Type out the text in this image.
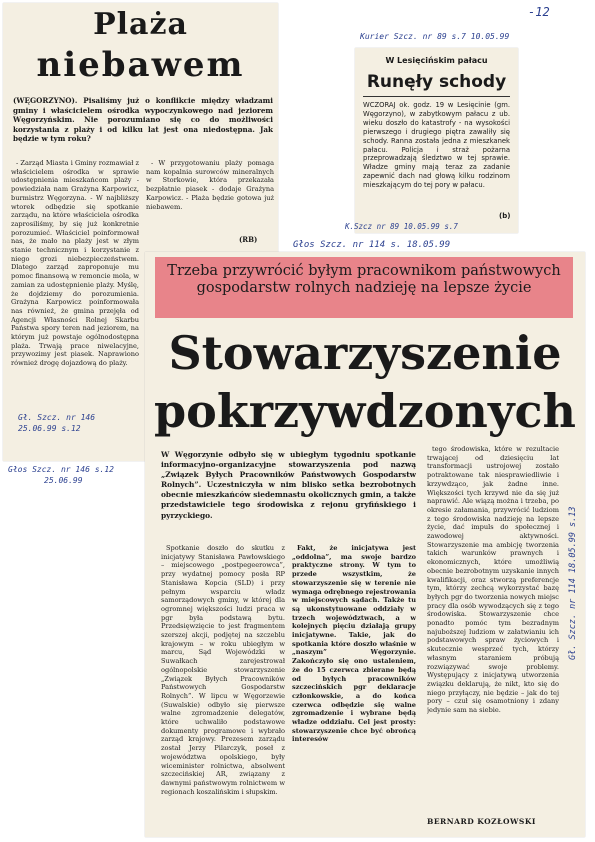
-12
Plaża
niebawem
(WĘGORZYNO). Pisaliśmy już o konflikcie między władzami gminy i właścicielem ośrodka wypoczynkowego nad jeziorem Węgorzyńskim. Nie porozumiano się co do możliwości korzystania z plaży i od kilku lat jest ona niedostępna. Jak będzie w tym roku?

- Zarząd Miasta i Gminy rozmawiał z właścicielem ośrodka w sprawie udostępnienia mieszkańcom plaży - powiedziała nam Grażyna Karpowicz, burmistrz Węgorzyna. - W najbliższy wtorek odbędzie się spotkanie zarządu, na które właściciela ośrodka zaprosiliśmy, by się już konkretnie porozumieć. Właściciel poinformował nas, że mało na plaży jest w złym stanie technicznym i korzystanie z niego grozi niebezpieczeństwem. Dlatego zarząd zaproponuje mu pomoc finansową w remoncie mola, w zamian za udostępnienie plaży. Myślę, że dojdziemy do porozumienia. Grażyna Karpowicz poinformowała nas również, że gmina przejęła od Agencji Własności Rolnej Skarbu Państwa spory teren nad jeziorem, na którym już powstaje ogólnodostępna plaża. Trwają prace niwelacyjne, przywozimy jest piasek. Naprawiono również drogę dojazdową do plaży.

- W przygotowaniu plaży pomaga nam kopalnia surowców mineralnych w Storkowie, która przekazała bezpłatnie piasek - dodaje Grażyna Karpowicz. - Plaża będzie gotowa już niebawem.

(RB)
Gł. Szcz. nr 146
25.06.99 s.12
Głos Szcz. nr 146 s.12
25.06.99
Kurier Szcz. nr 89 s.7 10.05.99
W Lesięcińskim pałacu
Runęły schody
WCZORAJ ok. godz. 19 w Lesięcinie (gm. Węgorzyno), w zabytkowym pałacu z ub. wieku doszło do katastrofy - na wysokości pierwszego i drugiego piętra zawaliły się schody. Ranna została jedna z mieszkanek pałacu. Policja i straż pożarna przeprowadzają śledztwo w tej sprawie. Władze gminy mają teraz za zadanie zapewnić dach nad głową kilku rodzinom mieszkającym do tej pory w pałacu.
(b)
K.Szcz nr 89 10.05.99 s.7
Głos Szcz. nr 114 s. 18.05.99
Trzeba przywrócić byłym pracownikom państwowych gospodarstw rolnych nadzieję na lepsze życie
Stowarzyszenie
pokrzywdzonych
W Węgorzynie odbyło się w ubiegłym tygodniu spotkanie informacyjno-organizacyjne stowarzyszenia pod nazwą „Związek Byłych Pracowników Państwowych Gospodarstw Rolnych”. Uczestniczyła w nim blisko setka bezrobotnych obecnie mieszkańców siedemnastu okolicznych gmin, a także przedstawiciele tego środowiska z rejonu gryfińskiego i pyrzyckiego.

Spotkanie doszło do skutku z inicjatywy Stanisława Pawłowskiego – miejscowego „postpegeerowca”, przy wydatnej pomocy posła RP Stanisława Kopcia (SLD) i przy pełnym wsparciu władz samorządowych gminy, w której dla ogromnej większości ludzi praca w pgr była podstawą bytu. Przedsięwzięcie to jest fragmentem szerszej akcji, podjętej na szczeblu krajowym – w roku ubiegłym w marcu, Sąd Wojewódzki w Suwałkach zarejestrował ogólnopolskie stowarzyszenie „Związek Byłych Pracowników Państwowych Gospodarstw Rolnych”. W lipcu w Węgorzewie (Suwalskie) odbyło się pierwsze walne zgromadzenie delegatów, które uchwaliło podstawowe dokumenty programowe i wybrało zarząd krajowy. Prezesem zarządu został Jerzy Pilarczyk, poseł z województwa opolskiego, były wiceminister rolnictwa, absolwent szczecińskiej AR, związany z dawnymi państwowym rolnictwem w regionach koszalińskim i słupskim.

Fakt, że inicjatywa jest „oddolna”, ma swoje bardzo praktyczne strony. W tym to przede wszystkim, że stowarzyszenie się w terenie nie wymaga odrębnego rejestrowania w miejscowych sądach. Także tu są ukonstytuowane oddziały w trzech województwach, a w kolejnych pięciu działają grupy inicjatywne. Takie, jak do spotkania które doszło właśnie w „naszym” Węgorzynie. Zakończyło się ono ustaleniem, że do 15 czerwca zbierane będą od byłych pracowników szczecińskich pgr deklaracje członkowskie, a do końca czerwca odbędzie się walne zgromadzenie i wybrane będą władze oddziału. Cel jest prosty: stowarzyszenie chce być obrońcą interesów

tego środowiska, które w rezultacie trwającej od dziesięciu lat transformacji ustrojowej zostało potraktowane tak niesprawiedliwie i krzywdząco, jak żadne inne. Większości tych krzywd nie da się już naprawić. Ale wiązą można i trzeba, po okresie załamania, przywrócić ludziom z tego środowiska nadzieję na lepsze życie, dać impuls do społecznej i zawodowej aktywności. Stowarzyszenie ma ambicję tworzenia takich warunków prawnych i ekonomicznych, które umożliwią obecnie bezrobotnym uzyskanie innych kwalifikacji, oraz stworzą preferencje tym, którzy zechcą wykorzystać bazę byłych pgr do tworzenia nowych miejsc pracy dla osób wywodzących się z tego środowiska. Stowarzyszenie chce ponadto pomóc tym bezradnym najuboższej ludziom w załatwianiu ich podstawowych spraw życiowych i skutecznie wesprzeć tych, którzy własnym staraniem próbują rozwiązywać swoje problemy. Występujący z inicjatywą utworzenia związku deklarują, że nikt, kto się do niego przyłączy, nie będzie – jak do tej pory – czuł się osamotniony i zdany jedynie sam na siebie.

BERNARD KOZŁOWSKI
Gł. Szcz. nr 114 18.05.99 s.13
